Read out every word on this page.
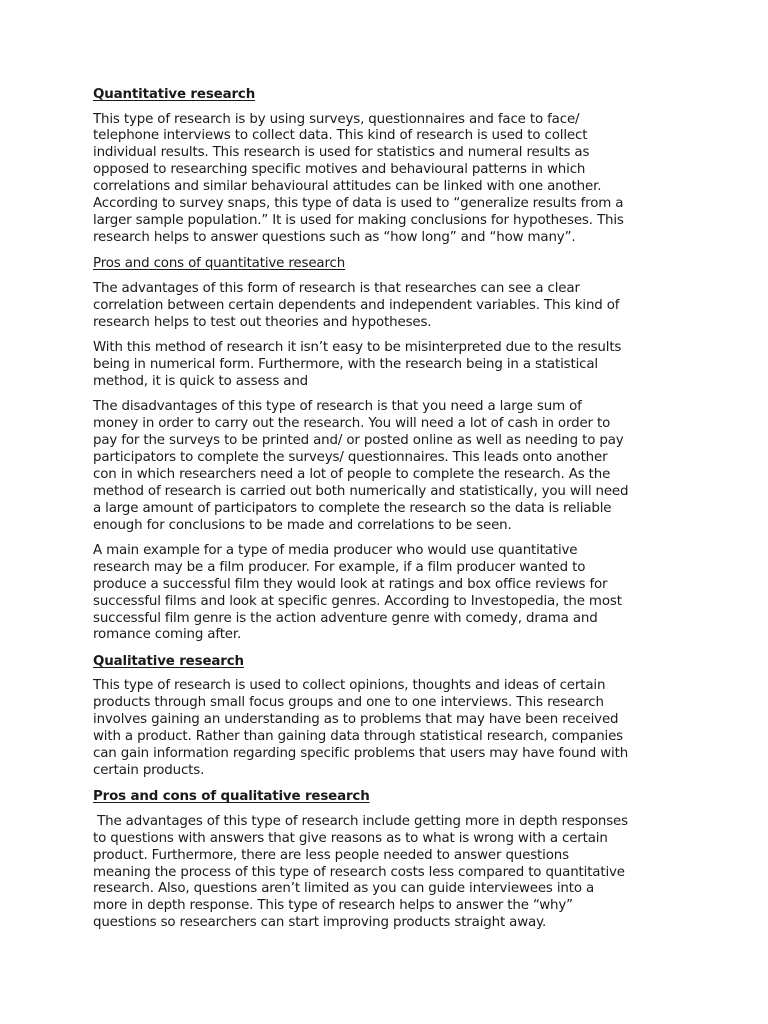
Quantitative research

This type of research is by using surveys, questionnaires and face to face/
telephone interviews to collect data. This kind of research is used to collect
individual results. This research is used for statistics and numeral results as
opposed to researching specific motives and behavioural patterns in which
correlations and similar behavioural attitudes can be linked with one another.
According to survey snaps, this type of data is used to “generalize results from a
larger sample population.” It is used for making conclusions for hypotheses. This
research helps to answer questions such as “how long” and “how many”.

Pros and cons of quantitative research

The advantages of this form of research is that researches can see a clear
correlation between certain dependents and independent variables. This kind of
research helps to test out theories and hypotheses.

With this method of research it isn’t easy to be misinterpreted due to the results
being in numerical form. Furthermore, with the research being in a statistical
method, it is quick to assess and

The disadvantages of this type of research is that you need a large sum of
money in order to carry out the research. You will need a lot of cash in order to
pay for the surveys to be printed and/ or posted online as well as needing to pay
participators to complete the surveys/ questionnaires. This leads onto another
con in which researchers need a lot of people to complete the research. As the
method of research is carried out both numerically and statistically, you will need
a large amount of participators to complete the research so the data is reliable
enough for conclusions to be made and correlations to be seen.

A main example for a type of media producer who would use quantitative
research may be a film producer. For example, if a film producer wanted to
produce a successful film they would look at ratings and box office reviews for
successful films and look at specific genres. According to Investopedia, the most
successful film genre is the action adventure genre with comedy, drama and
romance coming after.

Qualitative research

This type of research is used to collect opinions, thoughts and ideas of certain
products through small focus groups and one to one interviews. This research
involves gaining an understanding as to problems that may have been received
with a product. Rather than gaining data through statistical research, companies
can gain information regarding specific problems that users may have found with
certain products.

Pros and cons of qualitative research

The advantages of this type of research include getting more in depth responses
to questions with answers that give reasons as to what is wrong with a certain
product. Furthermore, there are less people needed to answer questions
meaning the process of this type of research costs less compared to quantitative
research. Also, questions aren’t limited as you can guide interviewees into a
more in depth response. This type of research helps to answer the “why”
questions so researchers can start improving products straight away.
